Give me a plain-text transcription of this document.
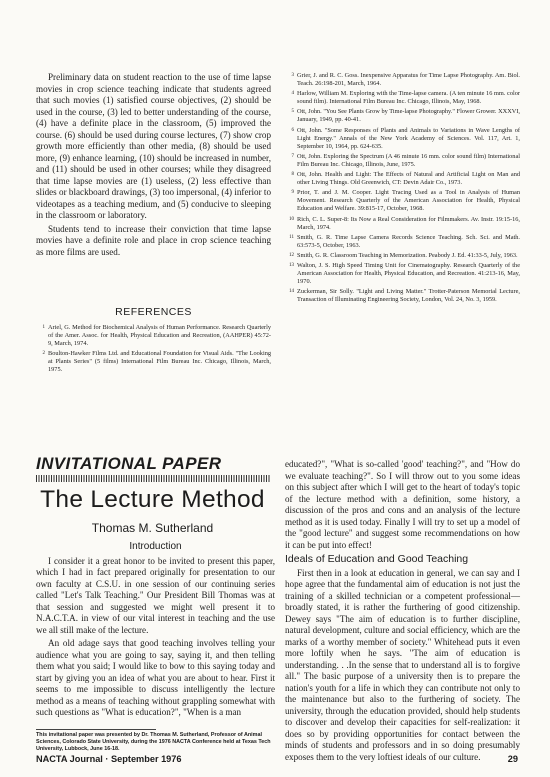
Preliminary data on student reaction to the use of time lapse movies in crop science teaching indicate that students agreed that such movies (1) satisfied course objectives, (2) should be used in the course, (3) led to better understanding of the course, (4) have a definite place in the classroom, (5) improved the course. (6) should be used during course lectures, (7) show crop growth more efficiently than other media, (8) should be used more, (9) enhance learning, (10) should be increased in number, and (11) should be used in other courses; while they disagreed that time lapse movies are (1) useless, (2) less effective than slides or blackboard drawings, (3) too impersonal, (4) inferior to videotapes as a teaching medium, and (5) conducive to sleeping in the classroom or laboratory.

Students tend to increase their conviction that time lapse movies have a definite role and place in crop science teaching as more films are used.

REFERENCES
1 Ariel, G. Method for Biochemical Analysis of Human Performance. Research Quarterly of the Amer. Assoc. for Health, Physical Education and Recreation, (AAHPER) 45:72-9, March, 1974.
2 Boulton-Hawker Films Ltd. and Educational Foundation for Visual Aids. "The Looking at Plants Series" (5 films) International Film Bureau Inc. Chicago, Illinois, March, 1975.
3 Grier, J. and R. C. Goss. Inexpensive Apparatus for Time Lapse Photography. Am. Biol. Teach. 26:198-201, March, 1964.
4 Harlow, William M. Exploring with the Time-lapse camera. (A ten minute 16 mm. color sound film). International Film Bureau Inc. Chicago, Illinois, May, 1968.
5 Ott, John. "You See Plants Grow by Time-lapse Photography." Flower Grower. XXXVI, January, 1949, pp. 40-41.
6 Ott, John. "Some Responses of Plants and Animals to Variations in Wave Lengths of Light Energy." Annals of the New York Academy of Sciences. Vol. 117, Art. 1, September 10, 1964, pp. 624-635.
7 Ott, John. Exploring the Spectrum (A 46 minute 16 mm. color sound film) International Film Bureau Inc. Chicago, Illinois, June, 1975.
8 Ott, John. Health and Light: The Effects of Natural and Artificial Light on Man and other Living Things. Old Greenwich, CT: Devin Adair Co., 1973.
9 Prior, T. and J. M. Cooper. Light Tracing Used as a Tool in Analysis of Human Movement. Research Quarterly of the American Association for Health, Physical Education and Welfare. 39:815-17, October, 1968.
10 Rich, C. L. Super-8: Its Now a Real Consideration for Filmmakers. Av. Instr. 19:15-16, March, 1974.
11 Smith, G. R. Time Lapse Camera Records Science Teaching. Sch. Sci. and Math. 63:573-5, October, 1963.
12 Smith, G. R. Classroom Teaching in Memorization. Peabody J. Ed. 41:33-5, July, 1963.
13 Walton, J. S. High Speed Timing Unit for Cinematography. Research Quarterly of the American Association for Health, Physical Education, and Recreation. 41:213-16, May, 1970.
14 Zuckerman, Sir Solly. "Light and Living Matter." Trotter-Paterson Memorial Lecture, Transaction of Illuminating Engineering Society, London, Vol. 24, No. 3, 1959.
INVITATIONAL PAPER
The Lecture Method
Thomas M. Sutherland
Introduction

I consider it a great honor to be invited to present this paper, which I had in fact prepared originally for presentation to our own faculty at C.S.U. in one session of our continuing series called "Let's Talk Teaching." Our President Bill Thomas was at that session and suggested we might well present it to N.A.C.T.A. in view of our vital interest in teaching and the use we all still make of the lecture.

An old adage says that good teaching involves telling your audience what you are going to say, saying it, and then telling them what you said; I would like to bow to this saying today and start by giving you an idea of what you are about to hear. First it seems to me impossible to discuss intelligently the lecture method as a means of teaching without grappling somewhat with such questions as "What is education?", "When is a man

This invitational paper was presented by Dr. Thomas M. Sutherland, Professor of Animal Sciences, Colorado State University, during the 1976 NACTA Conference held at Texas Tech University, Lubbock, June 16-18.

educated?", "What is so-called 'good' teaching?", and "How do we evaluate teaching?". So I will throw out to you some ideas on this subject after which I will get to the heart of today's topic of the lecture method with a definition, some history, a discussion of the pros and cons and an analysis of the lecture method as it is used today. Finally I will try to set up a model of the "good lecture" and suggest some recommendations on how it can be put into effect!

Ideals of Education and Good Teaching

First then in a look at education in general, we can say and I hope agree that the fundamental aim of education is not just the training of a skilled technician or a competent professional—broadly stated, it is rather the furthering of good citizenship. Dewey says "The aim of education is to further discipline, natural development, culture and social efficiency, which are the marks of a worthy member of society." Whitehead puts it even more loftily when he says. "The aim of education is understanding. . .In the sense that to understand all is to forgive all." The basic purpose of a university then is to prepare the nation's youth for a life in which they can contribute not only to the maintenance but also to the furthering of society. The university, through the education provided, should help students to discover and develop their capacities for self-realization: it does so by providing opportunities for contact between the minds of students and professors and in so doing presumably exposes them to the very loftiest ideals of our culture.

NACTA Journal · September 1976	29
